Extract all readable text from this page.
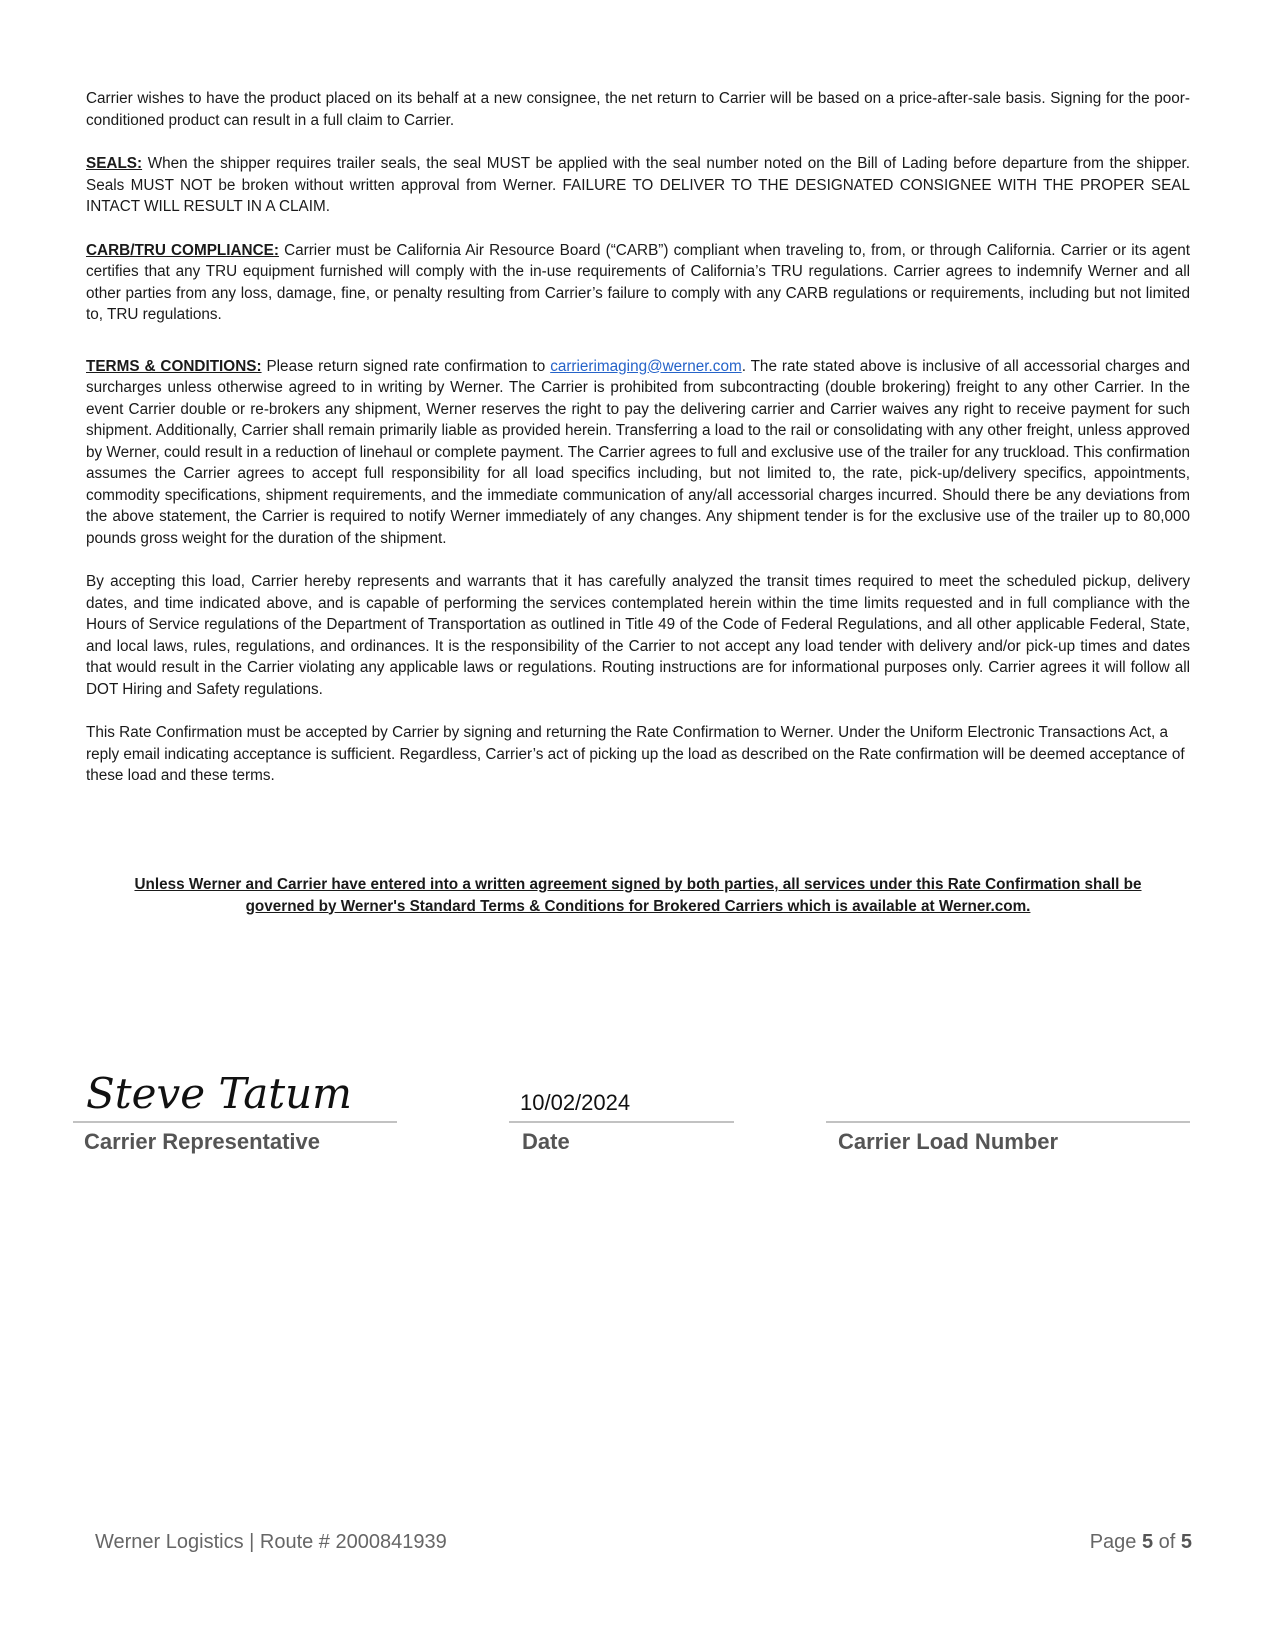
Carrier wishes to have the product placed on its behalf at a new consignee, the net return to Carrier will be based on a price-after-sale basis. Signing for the poor-conditioned product can result in a full claim to Carrier.

SEALS: When the shipper requires trailer seals, the seal MUST be applied with the seal number noted on the Bill of Lading before departure from the shipper. Seals MUST NOT be broken without written approval from Werner. FAILURE TO DELIVER TO THE DESIGNATED CONSIGNEE WITH THE PROPER SEAL INTACT WILL RESULT IN A CLAIM.

CARB/TRU COMPLIANCE: Carrier must be California Air Resource Board (“CARB”) compliant when traveling to, from, or through California. Carrier or its agent certifies that any TRU equipment furnished will comply with the in-use requirements of California’s TRU regulations. Carrier agrees to indemnify Werner and all other parties from any loss, damage, fine, or penalty resulting from Carrier’s failure to comply with any CARB regulations or requirements, including but not limited to, TRU regulations.

TERMS & CONDITIONS: Please return signed rate confirmation to carrierimaging@werner.com. The rate stated above is inclusive of all accessorial charges and surcharges unless otherwise agreed to in writing by Werner. The Carrier is prohibited from subcontracting (double brokering) freight to any other Carrier. In the event Carrier double or re-brokers any shipment, Werner reserves the right to pay the delivering carrier and Carrier waives any right to receive payment for such shipment. Additionally, Carrier shall remain primarily liable as provided herein. Transferring a load to the rail or consolidating with any other freight, unless approved by Werner, could result in a reduction of linehaul or complete payment. The Carrier agrees to full and exclusive use of the trailer for any truckload. This confirmation assumes the Carrier agrees to accept full responsibility for all load specifics including, but not limited to, the rate, pick-up/delivery specifics, appointments, commodity specifications, shipment requirements, and the immediate communication of any/all accessorial charges incurred. Should there be any deviations from the above statement, the Carrier is required to notify Werner immediately of any changes. Any shipment tender is for the exclusive use of the trailer up to 80,000 pounds gross weight for the duration of the shipment.

By accepting this load, Carrier hereby represents and warrants that it has carefully analyzed the transit times required to meet the scheduled pickup, delivery dates, and time indicated above, and is capable of performing the services contemplated herein within the time limits requested and in full compliance with the Hours of Service regulations of the Department of Transportation as outlined in Title 49 of the Code of Federal Regulations, and all other applicable Federal, State, and local laws, rules, regulations, and ordinances. It is the responsibility of the Carrier to not accept any load tender with delivery and/or pick-up times and dates that would result in the Carrier violating any applicable laws or regulations. Routing instructions are for informational purposes only. Carrier agrees it will follow all DOT Hiring and Safety regulations.

This Rate Confirmation must be accepted by Carrier by signing and returning the Rate Confirmation to Werner. Under the Uniform Electronic Transactions Act, a reply email indicating acceptance is sufficient. Regardless, Carrier’s act of picking up the load as described on the Rate confirmation will be deemed acceptance of these load and these terms.

Unless Werner and Carrier have entered into a written agreement signed by both parties, all services under this Rate Confirmation shall be
governed by Werner's Standard Terms & Conditions for Brokered Carriers which is available at Werner.com.
Steve Tatum	10/02/2024
Carrier Representative	Date	Carrier Load Number
Werner Logistics | Route # 2000841939	Page 5 of 5
